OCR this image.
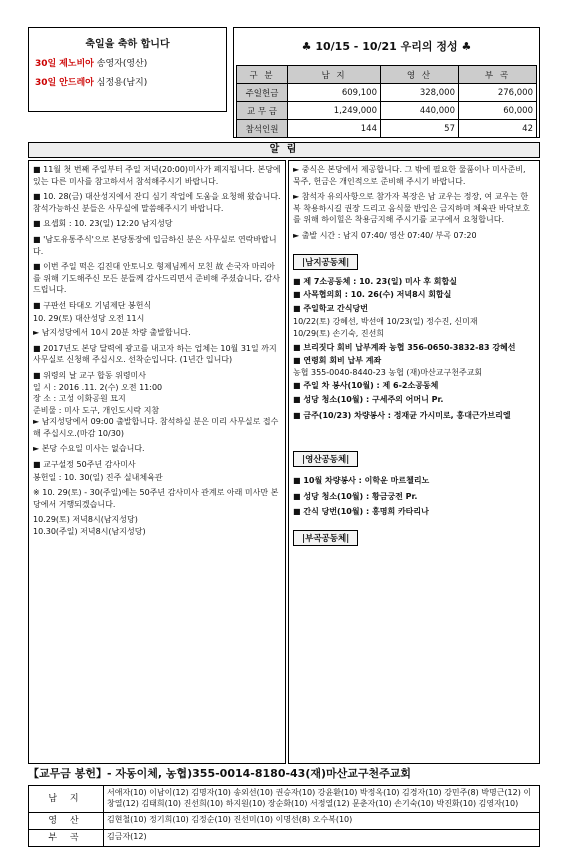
축일을 축하 합니다
30일 제노비아 송영자(영산)
30일 안드레아 심정용(남지)
♣ 10/15 - 10/21 우리의 정성 ♣
구 분	남 지	영 산	부 곡
주일헌금	609,100	328,000	276,000
교 무 금	1,249,000	440,000	60,000
참석인원	144	57	42
알 림

■ 11월 첫 번째 주일부터 주일 저녁(20:00)미사가 폐지됩니다. 본당에 있는 다른 미사를 참고하셔서 참석해주시기 바랍니다.

■ 10. 28(금) 대산성지에서 잔디 심기 작업에 도움을 요청해 왔습니다. 참석가능하신 분들은 사무실에 말씀해주시기 바랍니다.

■ 요셉회 : 10. 23(일) 12:20 남지성당

■ '남도유통주식'으로 본당통장에 입금하신 분은 사무실로 연락바랍니다.

■ 이번 주일 떡은 김진대 안토니오 형제님께서 모친 故 손국자 마리아를 위해 기도해주신 모든 분들께 감사드리면서 준비해 주셨습니다, 감사드립니다.

■ 구판선 타대오 기념제단 봉헌식

10. 29(토) 대산성당 오전 11시

► 남지성당에서 10시 20분 차량 출발합니다.

■ 2017년도 본당 달력에 광고를 내고자 하는 업체는 10월 31일 까지 사무실로 신청해 주십시오. 선착순입니다. (1년간 입니다)

■ 위령의 날 교구 합동 위령미사

일 시 : 2016 .11. 2(수) 오전 11:00

장 소 : 고성 이화공원 묘지

준비물 : 미사 도구, 개인도시락 지참

► 남지성당에서 09:00 출발합니다. 참석하실 분은 미리 사무실로 접수해 주십시오.(마감 10/30)

► 본당 수요일 미사는 없습니다.

■ 교구설정 50주년 감사미사

봉헌일 : 10. 30(일) 진주 실내체육관

※ 10. 29(토) - 30(주일)에는 50주년 감사미사 관계로 아래 미사만 본당에서 거행되겠습니다.

10.29(토) 저녁8시(남지성당)

10.30(주일) 저녁8시(남지성당)

► 중식은 본당에서 제공합니다. 그 밖에 필요한 물품이나 미사준비, 묵주, 헌금은 개인적으로 준비해 주시기 바랍니다.

► 참석자 유의사항으로 참가자 복장은 남 교우는 정장, 여 교우는 한복 착용하시길 권장 드리고 음식물 반입은 금지하며 체육관 바닥보호를 위해 하이힐은 착용금지해 주시기를 교구에서 요청합니다.

► 출발 시간 : 남지 07:40/ 영산 07:40/ 부곡 07:20

|남지공동체|

■ 제 7소공동체 : 10. 23(일) 미사 후 회합실

■ 사목협의회 : 10. 26(수) 저녁8시 회합실

■ 주일학교 간식당번

10/22(토) 강혜선, 박선애 10/23(일) 정수진, 신미재

10/29(토) 손기숙, 진선희

■ 브리짓다 회비 납부계좌 농협 356-0650-3832-83 강혜선

■ 연령회 회비 납부 계좌

농협 355-0040-8440-23 농협 (재)마산교구천주교회

■ 주일 차 봉사(10월) : 제 6-2소공동체

■ 성당 청소(10월) : 구세주의 어머니 Pr.

■ 금주(10/23) 차량봉사 : 정재균 가시미로, 홍대근가브리엘

|영산공동체|

■ 10월 차량봉사 : 이학운 마르첼리노

■ 성당 청소(10월) : 황금궁전 Pr.

■ 간식 당번(10월) : 홍명희 카타리나

|부곡공동체|
【교무금 봉헌】- 자동이체, 농협)355-0014-8180-43(재)마산교구천주교회
남 지	서애자(10) 이남이(12) 김명자(10) 송외선(10) 권승자(10) 강윤환(10) 박정옥(10) 김경자(10) 강민주(8) 박명근(12) 이창열(12) 김태희(10) 진선희(10) 하지원(10) 장순화(10) 서정열(12) 문춘자(10) 손기숙(10) 박진화(10) 김영자(10)
영 산	김현철(10) 정기희(10) 김정순(10) 진선미(10) 이명선(8) 오수복(10)
부 곡	김금자(12)
